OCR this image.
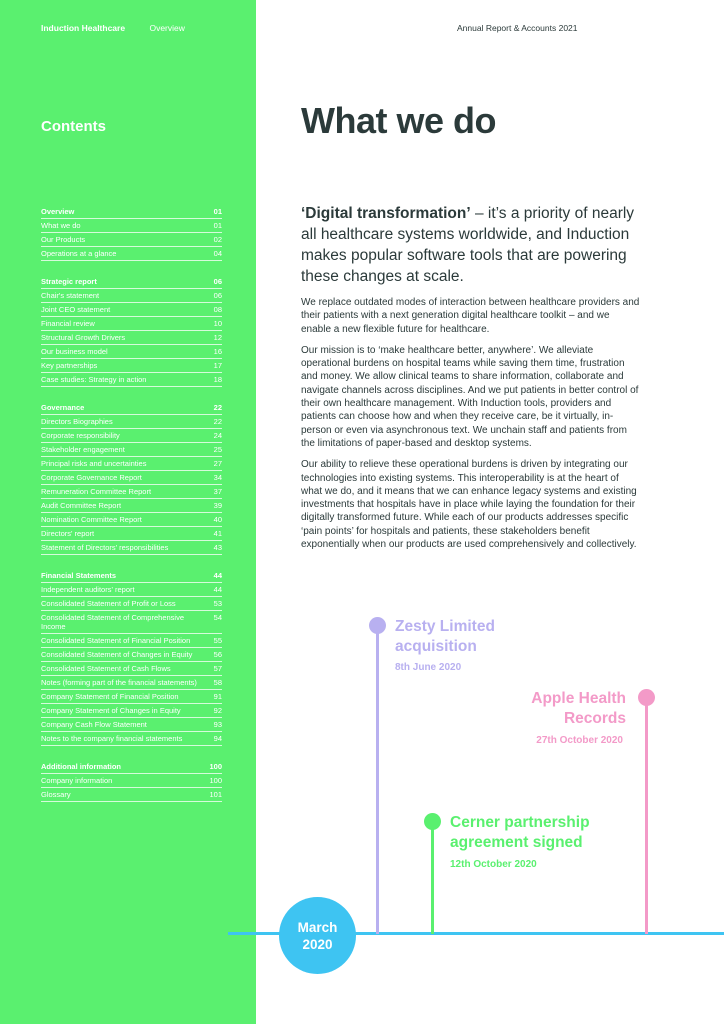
Induction Healthcare	Overview
Contents
Overview	01
What we do	01
Our Products	02
Operations at a glance	04
Strategic report	06
Chair's statement	06
Joint CEO statement	08
Financial review	10
Structural Growth Drivers	12
Our business model	16
Key partnerships	17
Case studies: Strategy in action	18
Governance	22
Directors Biographies	22
Corporate responsibility	24
Stakeholder engagement	25
Principal risks and uncertainties	27
Corporate Governance Report	34
Remuneration Committee Report	37
Audit Committee Report	39
Nomination Committee Report	40
Directors' report	41
Statement of Directors' responsibilities	43
Financial Statements	44
Independent auditors' report	44
Consolidated Statement of Profit or Loss	53
Consolidated Statement of Comprehensive Income
54
Consolidated Statement of Financial Position	55
Consolidated Statement of Changes in Equity	56
Consolidated Statement of Cash Flows	57
Notes (forming part of the financial statements) 58
Company Statement of Financial Position	91
Company Statement of Changes in Equity	92
Company Cash Flow Statement	93
Notes to the company financial statements	94
Additional information	100
Company information	100
Glossary	101
Annual Report & Accounts 2021
What we do
‘Digital transformation’ – it’s a priority of nearly all healthcare systems worldwide, and Induction makes popular software tools that are powering these changes at scale.

We replace outdated modes of interaction between healthcare providers and their patients with a next generation digital healthcare toolkit – and we enable a new flexible future for healthcare.

Our mission is to ‘make healthcare better, anywhere’. We alleviate operational burdens on hospital teams while saving them time, frustration and money. We allow clinical teams to share information, collaborate and navigate channels across disciplines. And we put patients in better control of their own healthcare management. With Induction tools, providers and patients can choose how and when they receive care, be it virtually, in-person or even via asynchronous text. We unchain staff and patients from the limitations of paper-based and desktop systems.

Our ability to relieve these operational burdens is driven by integrating our technologies into existing systems. This interoperability is at the heart of what we do, and it means that we can enhance legacy systems and existing investments that hospitals have in place while laying the foundation for their digitally transformed future. While each of our products addresses specific ‘pain points’ for hospitals and patients, these stakeholders benefit exponentially when our products are used comprehensively and collectively.

Zesty Limited
acquisition
8th June 2020
Apple Health
Records
27th October 2020
Cerner partnership
agreement signed
12th October 2020
March
2020
